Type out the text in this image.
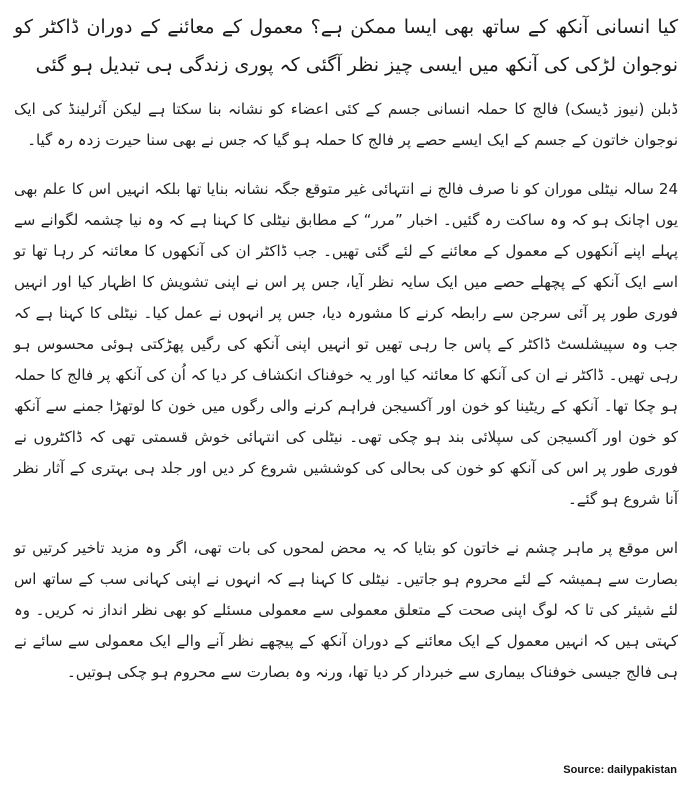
کیا انسانی آنکھ کے ساتھ بھی ایسا ممکن ہے؟ معمول کے معائنے کے دوران ڈاکٹر کو نوجوان لڑکی کی آنکھ میں ایسی چیز نظر آگئی کہ پوری زندگی ہی تبدیل ہو گئی

ڈبلن (نیوز ڈیسک) فالج کا حملہ انسانی جسم کے کئی اعضاء کو نشانہ بنا سکتا ہے لیکن آئرلینڈ کی ایک نوجوان خاتون کے جسم کے ایک ایسے حصے پر فالج کا حملہ ہو گیا کہ جس نے بھی سنا حیرت زدہ رہ گیا۔

24 سالہ نیٹلی موران کو نا صرف فالج نے انتہائی غیر متوقع جگہ نشانہ بنایا تھا بلکہ انہیں اس کا علم بھی یوں اچانک ہو کہ وہ ساکت رہ گئیں۔ اخبار ”مرر“ کے مطابق نیٹلی کا کہنا ہے کہ وہ نیا چشمہ لگوانے سے پہلے اپنے آنکھوں کے معمول کے معائنے کے لئے گئی تھیں۔ جب ڈاکٹر ان کی آنکھوں کا معائنہ کر رہا تھا تو اسے ایک آنکھ کے پچھلے حصے میں ایک سایہ نظر آیا، جس پر اس نے اپنی تشویش کا اظہار کیا اور انہیں فوری طور پر آئی سرجن سے رابطہ کرنے کا مشورہ دیا، جس پر انہوں نے عمل کیا۔ نیٹلی کا کہنا ہے کہ جب وہ سپیشلسٹ ڈاکٹر کے پاس جا رہی تھیں تو انہیں اپنی آنکھ کی رگیں پھڑکتی ہوئی محسوس ہو رہی تھیں۔ ڈاکٹر نے ان کی آنکھ کا معائنہ کیا اور یہ خوفناک انکشاف کر دیا کہ اُن کی آنکھ پر فالج کا حملہ ہو چکا تھا۔ آنکھ کے ریٹینا کو خون اور آکسیجن فراہم کرنے والی رگوں میں خون کا لوتھڑا جمنے سے آنکھ کو خون اور آکسیجن کی سپلائی بند ہو چکی تھی۔ نیٹلی کی انتہائی خوش قسمتی تھی کہ ڈاکٹروں نے فوری طور پر اس کی آنکھ کو خون کی بحالی کی کوششیں شروع کر دیں اور جلد ہی بہتری کے آثار نظر آنا شروع ہو گئے۔

اس موقع پر ماہر چشم نے خاتون کو بتایا کہ یہ محض لمحوں کی بات تھی، اگر وہ مزید تاخیر کرتیں تو بصارت سے ہمیشہ کے لئے محروم ہو جاتیں۔ نیٹلی کا کہنا ہے کہ انہوں نے اپنی کہانی سب کے ساتھ اس لئے شیئر کی تا کہ لوگ اپنی صحت کے متعلق معمولی سے معمولی مسئلے کو بھی نظر انداز نہ کریں۔ وہ کہتی ہیں کہ انہیں معمول کے ایک معائنے کے دوران آنکھ کے پیچھے نظر آنے والے ایک معمولی سے سائے نے ہی فالج جیسی خوفناک بیماری سے خبردار کر دیا تھا، ورنہ وہ بصارت سے محروم ہو چکی ہوتیں۔

Source: dailypakistan
